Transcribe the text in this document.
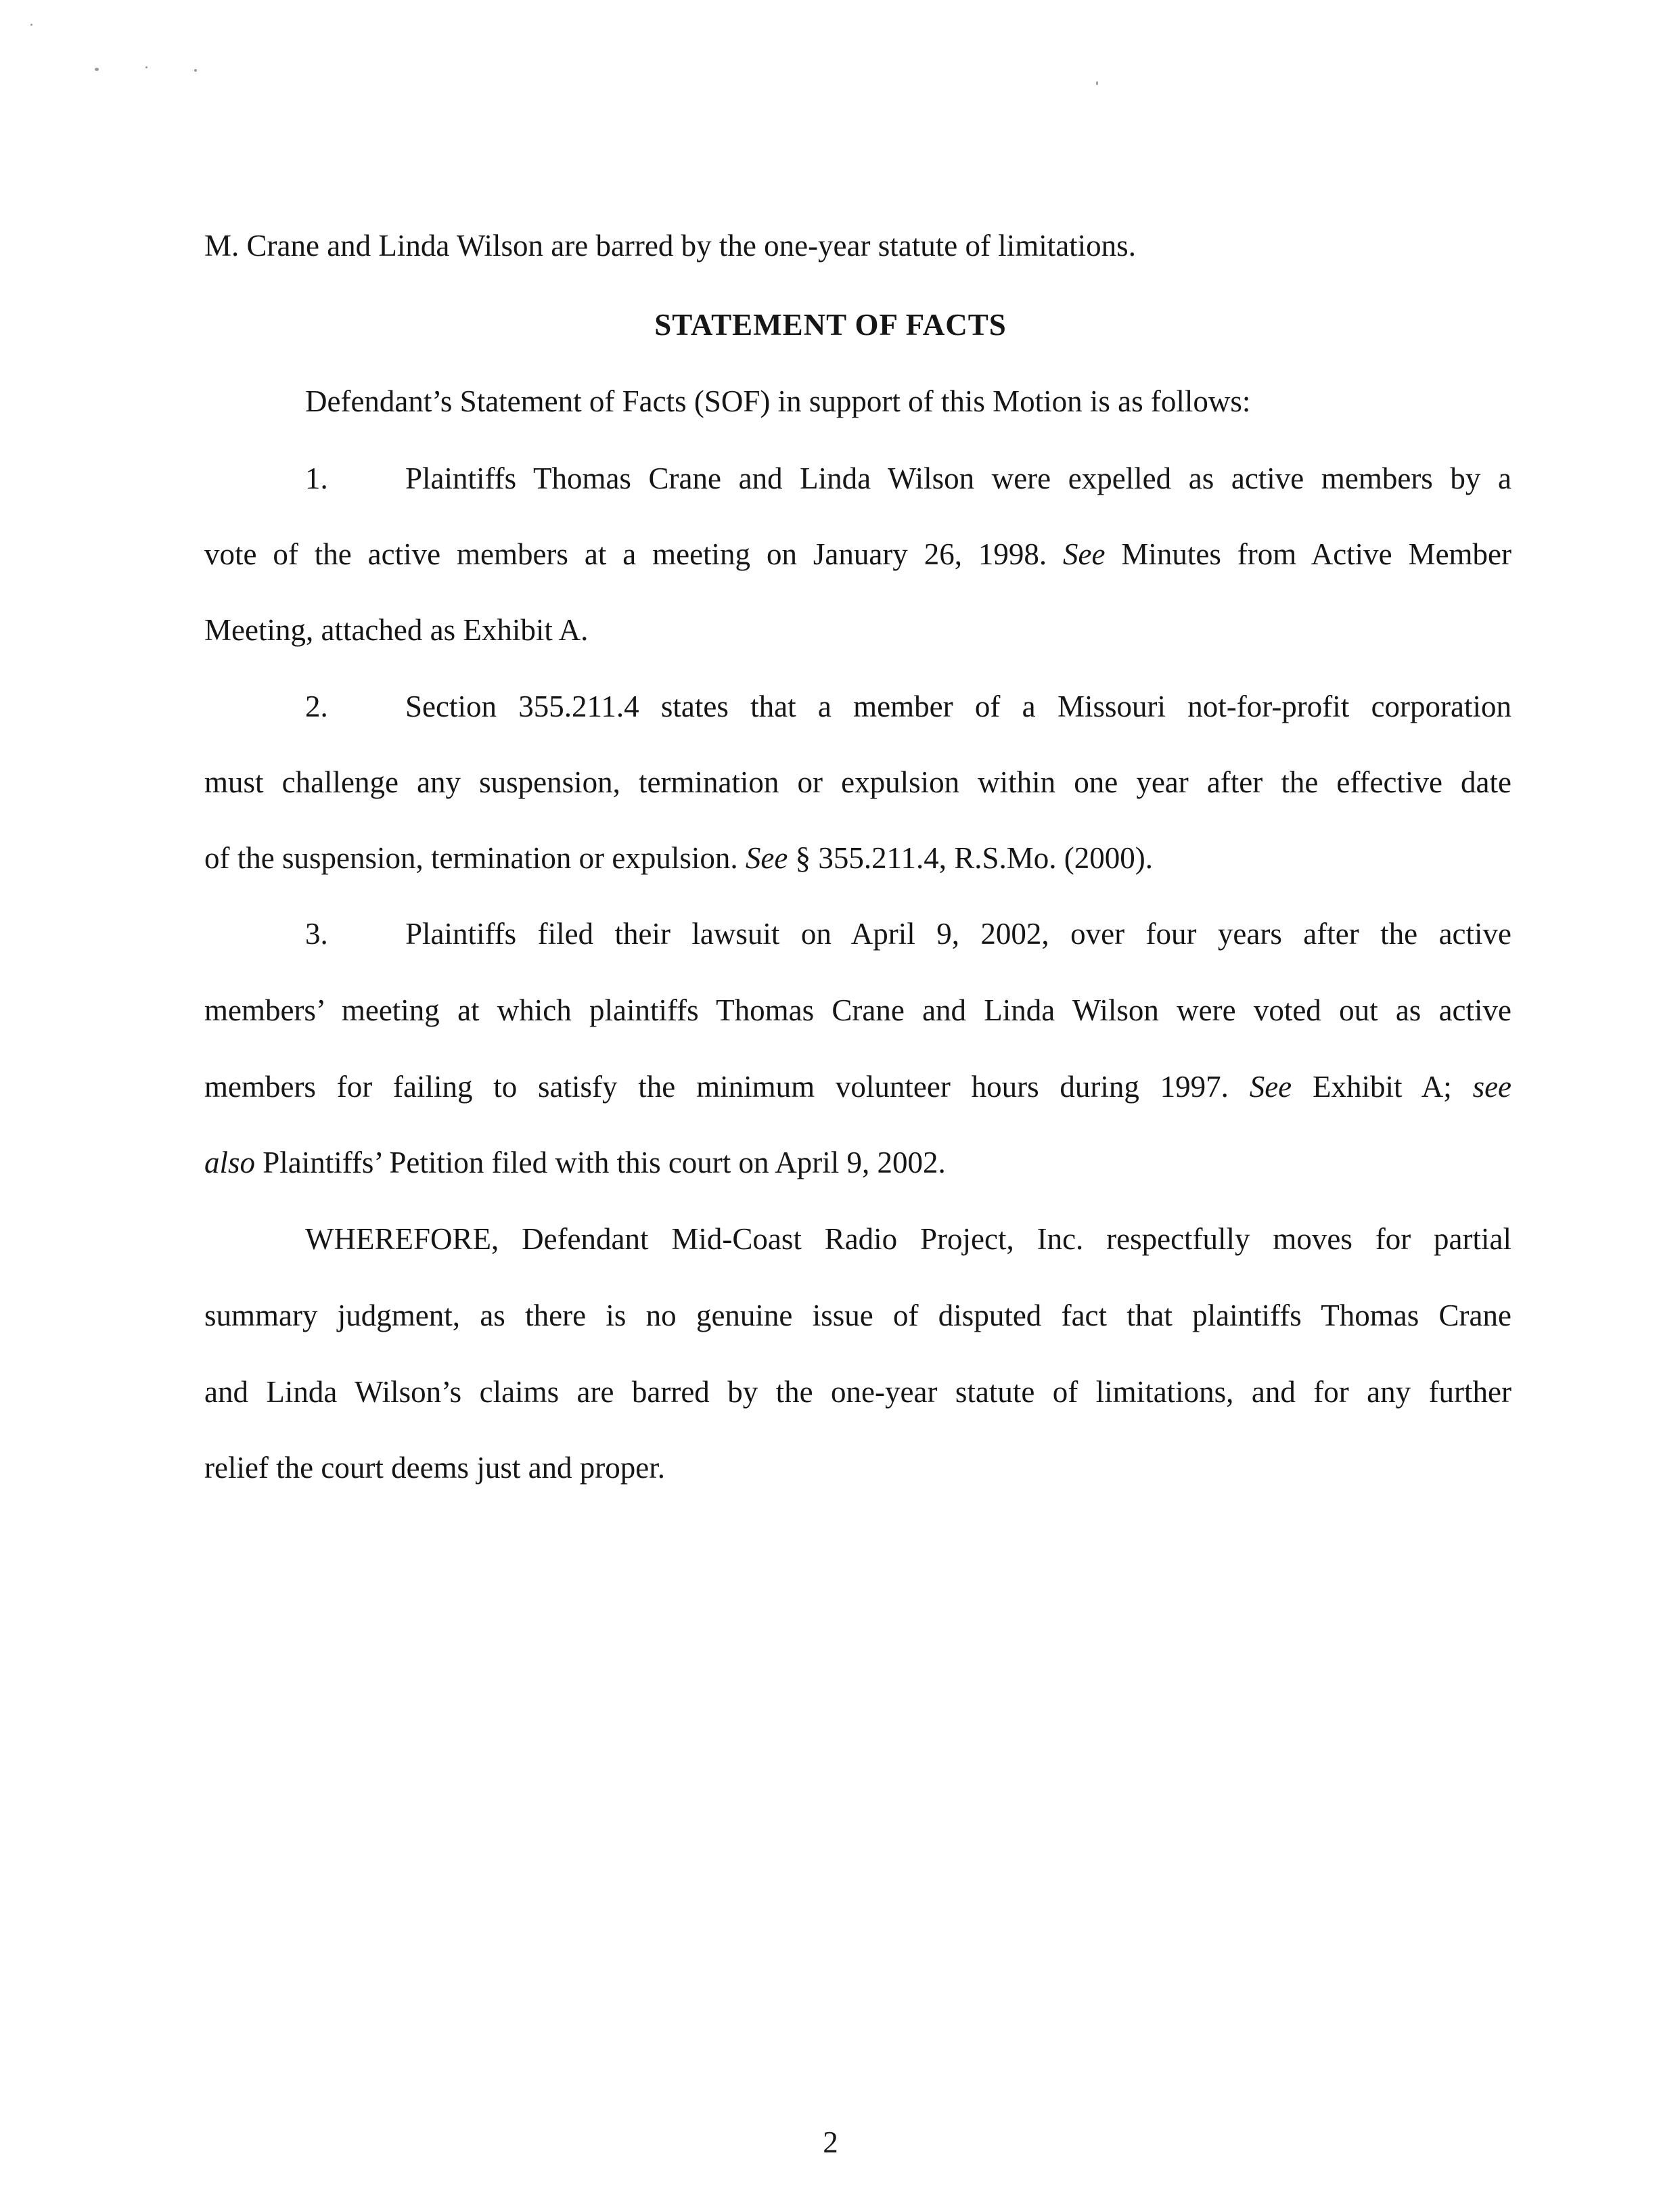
M. Crane and Linda Wilson are barred by the one-year statute of limitations.
STATEMENT OF FACTS
Defendant’s Statement of Facts (SOF) in support of this Motion is as follows:
1.	Plaintiffs Thomas Crane and Linda Wilson were expelled as active members by a
vote of the active members at a meeting on January 26, 1998. See Minutes from Active Member
Meeting, attached as Exhibit A.
2.	Section 355.211.4 states that a member of a Missouri not-for-profit corporation
must challenge any suspension, termination or expulsion within one year after the effective date
of the suspension, termination or expulsion. See § 355.211.4, R.S.Mo. (2000).
3.	Plaintiffs filed their lawsuit on April 9, 2002, over four years after the active
members’ meeting at which plaintiffs Thomas Crane and Linda Wilson were voted out as active
members for failing to satisfy the minimum volunteer hours during 1997. See Exhibit A; see
also Plaintiffs’ Petition filed with this court on April 9, 2002.
WHEREFORE, Defendant Mid-Coast Radio Project, Inc. respectfully moves for partial
summary judgment, as there is no genuine issue of disputed fact that plaintiffs Thomas Crane
and Linda Wilson’s claims are barred by the one-year statute of limitations, and for any further
relief the court deems just and proper.
2
